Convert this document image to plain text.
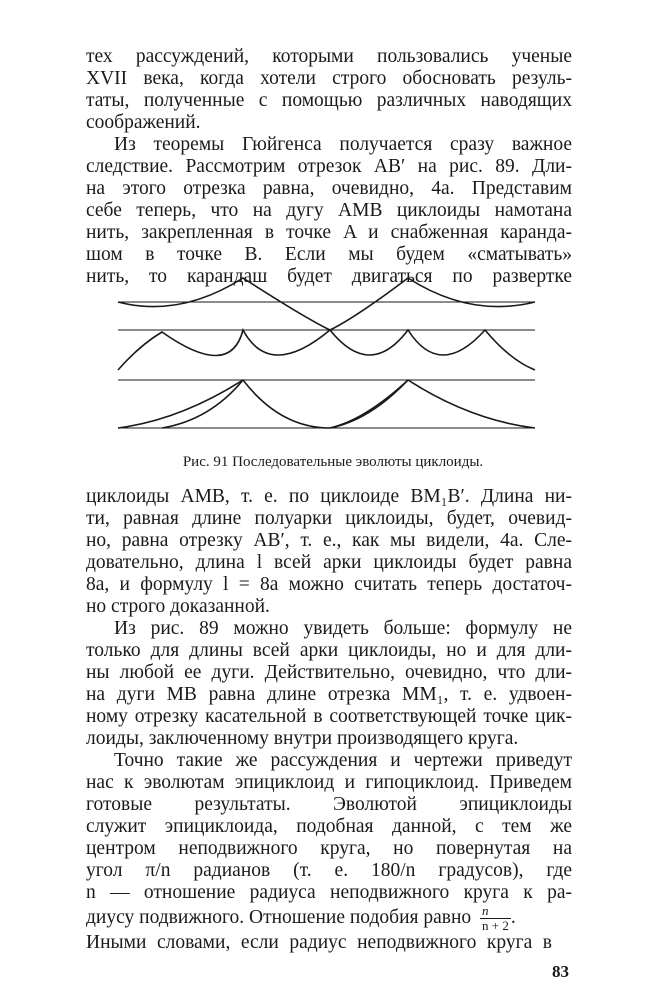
тех рассуждений, которыми пользовались ученые
XVII века, когда хотели строго обосновать резуль-
таты, полученные с помощью различных наводящих
соображений.
Из теоремы Гюйгенса получается сразу важное
следствие. Рассмотрим отрезок AB′ на рис. 89. Дли-
на этого отрезка равна, очевидно, 4a. Представим
себе теперь, что на дугу AMB циклоиды намотана
нить, закрепленная в точке A и снабженная каранда-
шом в точке B. Если мы будем «сматывать»
нить, то карандаш будет двигаться по развертке
Рис. 91 Последовательные эволюты циклоиды.
циклоиды AMB, т. е. по циклоиде BM₁B′. Длина ни-
ти, равная длине полуарки циклоиды, будет, очевид-
но, равна отрезку AB′, т. е., как мы видели, 4a. Сле-
довательно, длина l всей арки циклоиды будет равна
8a, и формулу l = 8a можно считать теперь достаточ-
но строго доказанной.
Из рис. 89 можно увидеть больше: формулу не
только для длины всей арки циклоиды, но и для дли-
ны любой ее дуги. Действительно, очевидно, что дли-
на дуги MB равна длине отрезка MM₁, т. е. удвоен-
ному отрезку касательной в соответствующей точке цик-
лоиды, заключенному внутри производящего круга.
Точно такие же рассуждения и чертежи приведут
нас к эволютам эпициклоид и гипоциклоид. Приведем
готовые результаты. Эволютой эпициклоиды
служит эпициклоида, подобная данной, с тем же
центром неподвижного круга, но повернутая на
угол π/n радианов (т. е. 180/n градусов), где
n — отношение радиуса неподвижного круга к ра-
диусу подвижного. Отношение подобия равно $\frac{n}{n + 2}$ .
Иными словами, если радиус неподвижного круга в
83
